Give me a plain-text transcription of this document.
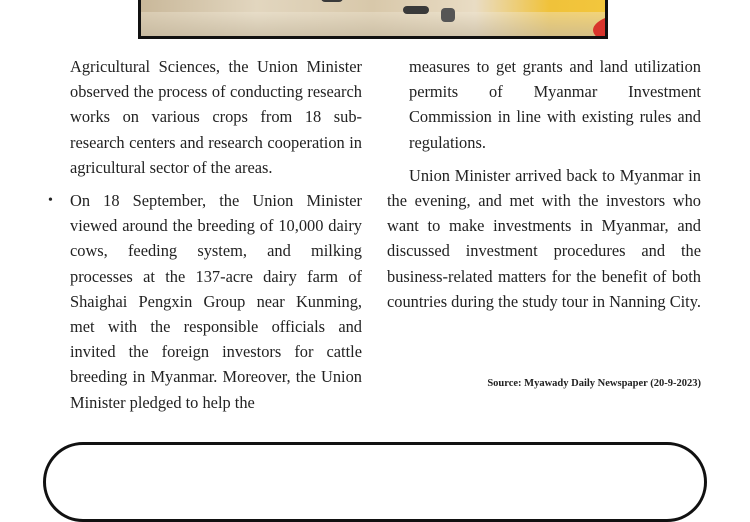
Agricultural Sciences, the Union Minister observed the process of conducting research works on various crops from 18 sub-research centers and research cooperation in agricultural sector of the areas.

• On 18 September, the Union Minister viewed around the breeding of 10,000 dairy cows, feeding system, and milking processes at the 137-acre dairy farm of Shaighai Pengxin Group near Kunming, met with the responsible officials and invited the foreign investors for cattle breeding in Myanmar. Moreover, the Union Minister pledged to help the

measures to get grants and land utilization permits of Myanmar Investment Commission in line with existing rules and regulations.

Union Minister arrived back to Myanmar in the evening, and met with the investors who want to make investments in Myanmar, and discussed investment procedures and the business-related matters for the benefit of both countries during the study tour in Nanning City.

Source: Myawady Daily Newspaper (20-9-2023)
